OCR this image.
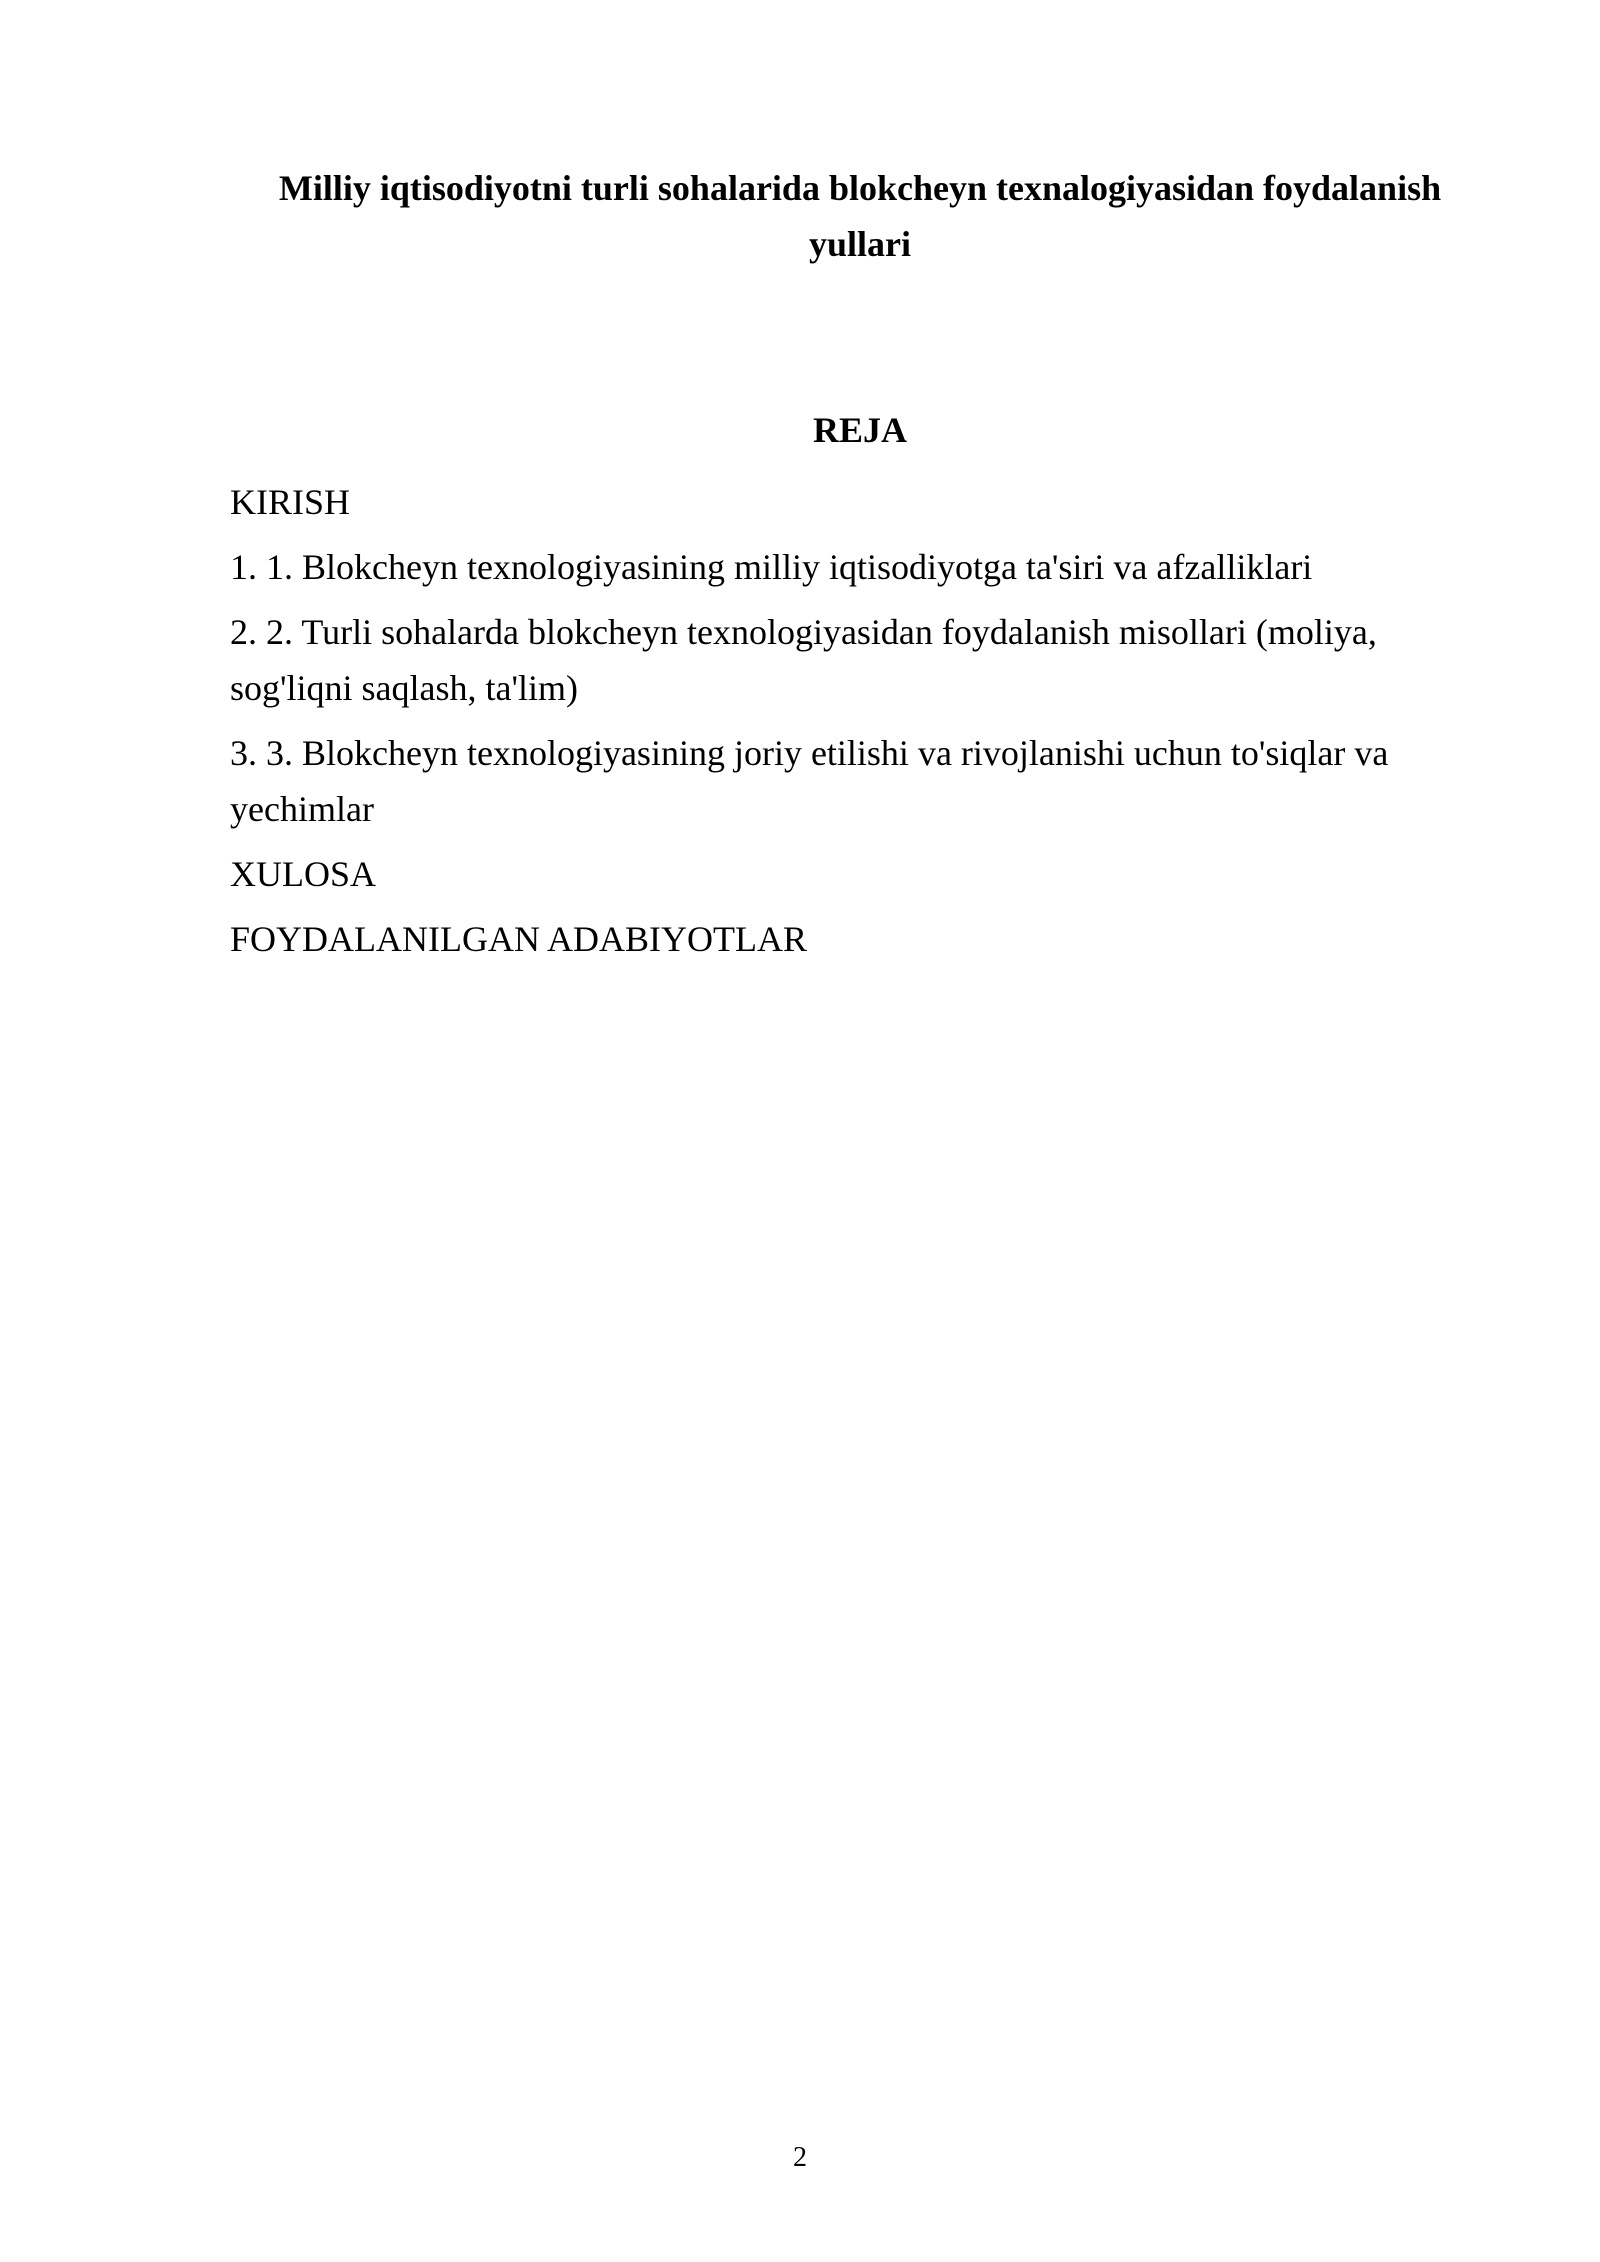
Milliy iqtisodiyotni turli sohalarida blokcheyn texnalogiyasidan foydalanish yullari
REJA
KIRISH
1. 1. Blokcheyn texnologiyasining milliy iqtisodiyotga ta'siri va afzalliklari
2. 2. Turli sohalarda blokcheyn texnologiyasidan foydalanish misollari (moliya, sog'liqni saqlash, ta'lim)
3. 3. Blokcheyn texnologiyasining joriy etilishi va rivojlanishi uchun to'siqlar va yechimlar
XULOSA
FOYDALANILGAN ADABIYOTLAR
2
